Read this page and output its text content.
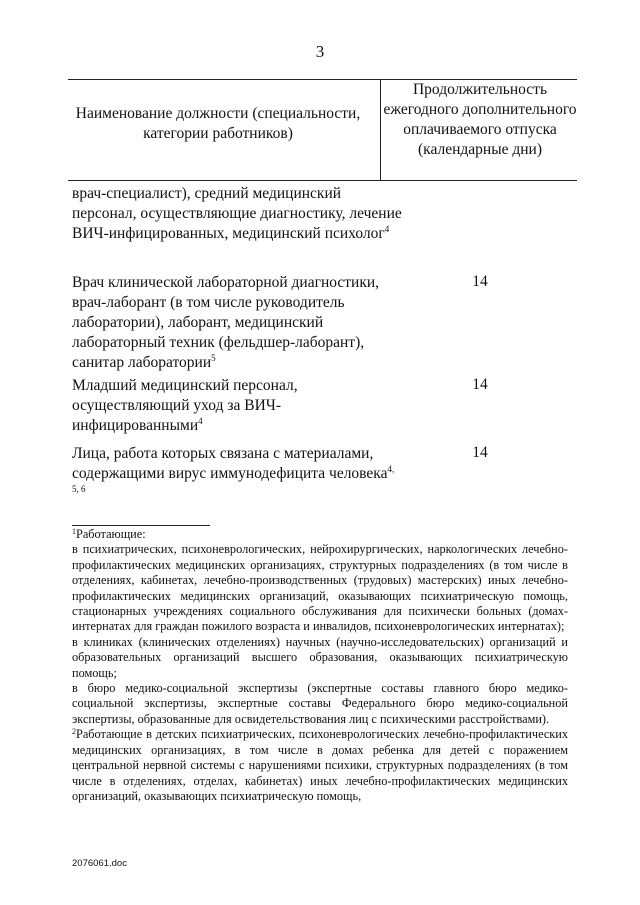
3
Наименование должности (специальности, категории работников)
Продолжительность ежегодного дополнительного оплачиваемого отпуска (календарные дни)
врач-специалист), средний медицинский персонал, осуществляющие диагностику, лечение ВИЧ-инфицированных, медицинский психолог$^4$
Врач клинической лабораторной диагностики, врач-лаборант (в том числе руководитель лаборатории), лаборант, медицинский лабораторный техник (фельдшер-лаборант), санитар лаборатории$^5$
14
Младший медицинский персонал, осуществляющий уход за ВИЧ-инфицированными$^4$
14
Лица, работа которых связана с материалами, содержащими вирус иммунодефицита человека$^{4, 5, 6}$
14

$^1$Работающие:

в психиатрических, психоневрологических, нейрохирургических, наркологических лечебно-профилактических медицинских организациях, структурных подразделениях (в том числе в отделениях, кабинетах, лечебно-производственных (трудовых) мастерских) иных лечебно-профилактических медицинских организаций, оказывающих психиатрическую помощь, стационарных учреждениях социального обслуживания для психически больных (домах-интернатах для граждан пожилого возраста и инвалидов, психоневрологических интернатах);

в клиниках (клинических отделениях) научных (научно-исследовательских) организаций и образовательных организаций высшего образования, оказывающих психиатрическую помощь;

в бюро медико-социальной экспертизы (экспертные составы главного бюро медико-социальной экспертизы, экспертные составы Федерального бюро медико-социальной экспертизы, образованные для освидетельствования лиц с психическими расстройствами).

$^2$Работающие в детских психиатрических, психоневрологических лечебно-профилактических медицинских организациях, в том числе в домах ребенка для детей с поражением центральной нервной системы с нарушениями психики, структурных подразделениях (в том числе в отделениях, отделах, кабинетах) иных лечебно-профилактических медицинских организаций, оказывающих психиатрическую помощь,

2076061.doc
